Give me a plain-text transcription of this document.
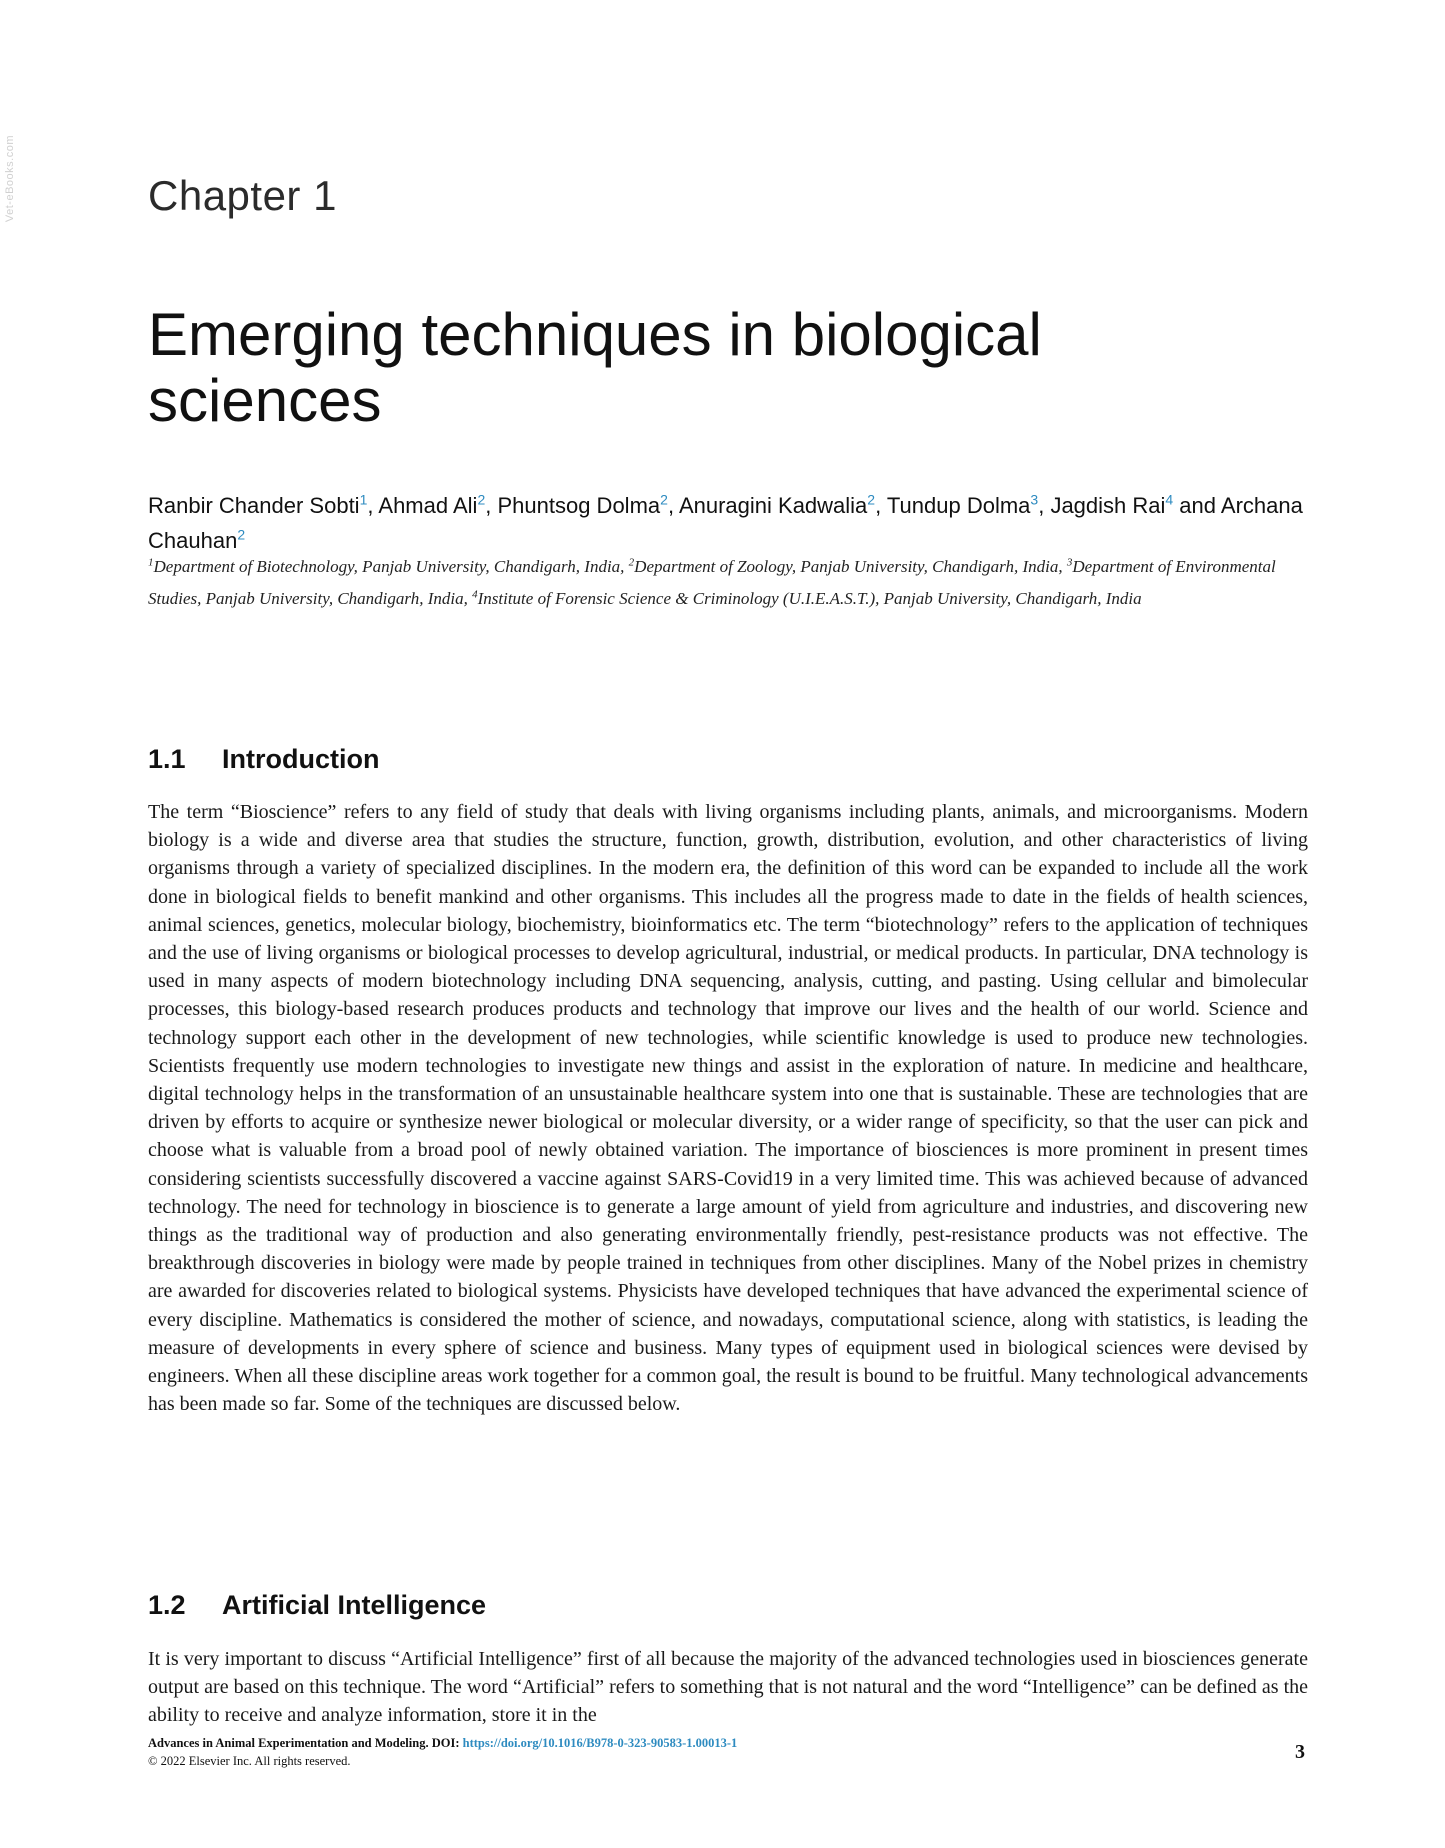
Vet-eBooks.com	Chapter 1
Emerging techniques in biological sciences

Ranbir Chander Sobti$^1$, Ahmad Ali$^2$, Phuntsog Dolma$^2$, Anuragini Kadwalia$^2$, Tundup Dolma$^3$, Jagdish Rai$^4$ and Archana Chauhan$^2$

$^1$Department of Biotechnology, Panjab University, Chandigarh, India, $^2$Department of Zoology, Panjab University, Chandigarh, India, $^3$Department of Environmental Studies, Panjab University, Chandigarh, India, $^4$Institute of Forensic Science & Criminology (U.I.E.A.S.T.), Panjab University, Chandigarh, India

1.1 Introduction

The term “Bioscience” refers to any field of study that deals with living organisms including plants, animals, and microorganisms. Modern biology is a wide and diverse area that studies the structure, function, growth, distribution, evolution, and other characteristics of living organisms through a variety of specialized disciplines. In the modern era, the definition of this word can be expanded to include all the work done in biological fields to benefit mankind and other organisms. This includes all the progress made to date in the fields of health sciences, animal sciences, genetics, molecular biology, biochemistry, bioinformatics etc. The term “biotechnology” refers to the application of techniques and the use of living organisms or biological processes to develop agricultural, industrial, or medical products. In particular, DNA technology is used in many aspects of modern biotechnology including DNA sequencing, analysis, cutting, and pasting. Using cellular and bimolecular processes, this biology-based research produces products and technology that improve our lives and the health of our world. Science and technology support each other in the development of new technologies, while scientific knowledge is used to produce new technologies. Scientists frequently use modern technologies to investigate new things and assist in the exploration of nature. In medicine and healthcare, digital technology helps in the transformation of an unsustainable healthcare system into one that is sustainable. These are technologies that are driven by efforts to acquire or synthesize newer biological or molecular diversity, or a wider range of specificity, so that the user can pick and choose what is valuable from a broad pool of newly obtained variation. The importance of biosciences is more prominent in present times considering scientists successfully discovered a vaccine against SARS-Covid19 in a very limited time. This was achieved because of advanced technology. The need for technology in bioscience is to generate a large amount of yield from agriculture and industries, and discovering new things as the traditional way of production and also generating environmentally friendly, pest-resistance products was not effective. The breakthrough discoveries in biology were made by people trained in techniques from other disciplines. Many of the Nobel prizes in chemistry are awarded for discoveries related to biological systems. Physicists have developed techniques that have advanced the experimental science of every discipline. Mathematics is considered the mother of science, and nowadays, computational science, along with statistics, is leading the measure of developments in every sphere of science and business. Many types of equipment used in biological sciences were devised by engineers. When all these discipline areas work together for a common goal, the result is bound to be fruitful. Many technological advancements has been made so far. Some of the techniques are discussed below.

1.2 Artificial Intelligence

It is very important to discuss “Artificial Intelligence” first of all because the majority of the advanced technologies used in biosciences generate output are based on this technique. The word “Artificial” refers to something that is not natural and the word “Intelligence” can be defined as the ability to receive and analyze information, store it in the

Advances in Animal Experimentation and Modeling. DOI: https://doi.org/10.1016/B978-0-323-90583-1.00013-1
© 2022 Elsevier Inc. All rights reserved.	3
